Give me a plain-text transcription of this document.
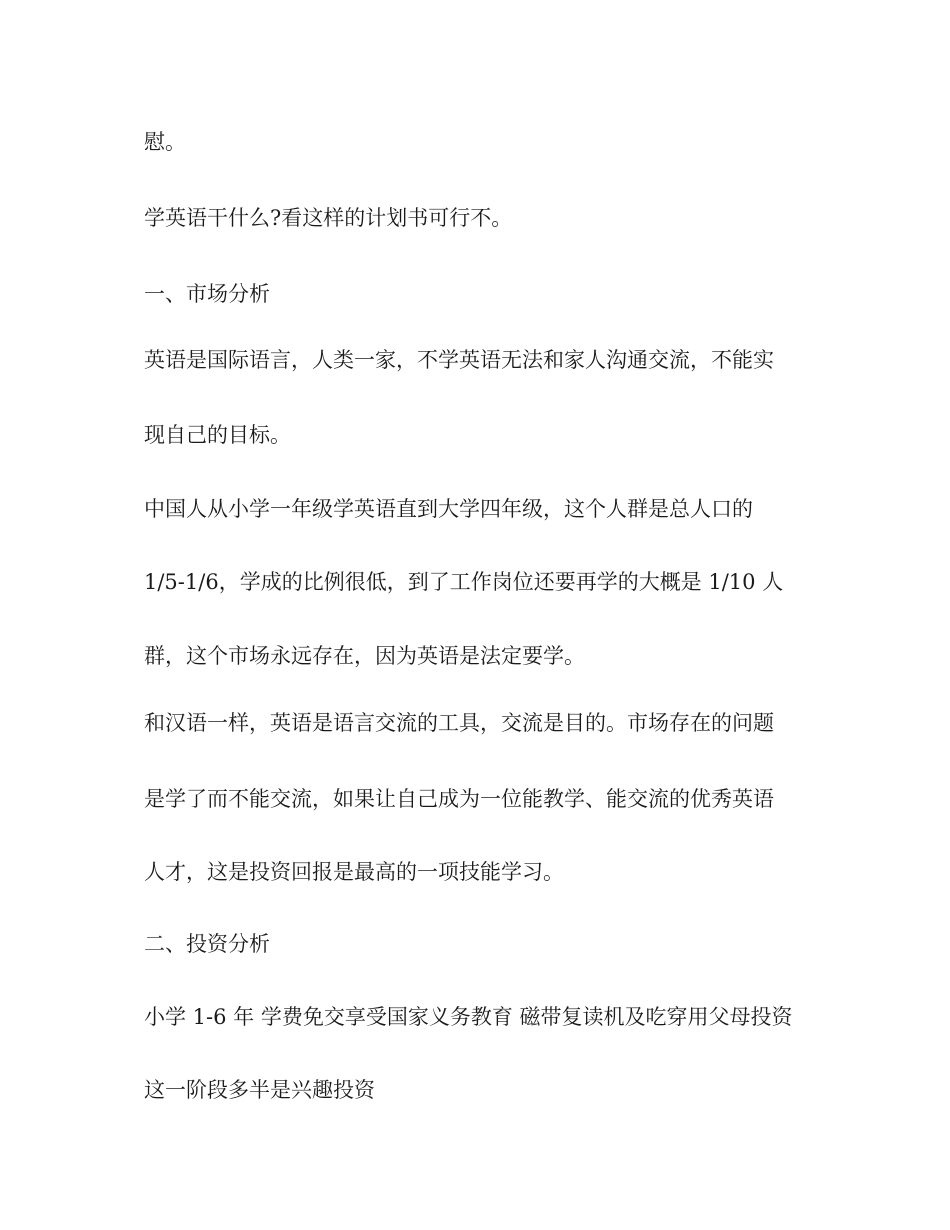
慰。

学英语干什么?看这样的计划书可行不。

一、市场分析

英语是国际语言，人类一家，不学英语无法和家人沟通交流，不能实

现自己的目标。

中国人从小学一年级学英语直到大学四年级，这个人群是总人口的

1/5-1/6，学成的比例很低，到了工作岗位还要再学的大概是 1/10 人

群，这个市场永远存在，因为英语是法定要学。

和汉语一样，英语是语言交流的工具，交流是目的。市场存在的问题

是学了而不能交流，如果让自己成为一位能教学、能交流的优秀英语

人才，这是投资回报是最高的一项技能学习。

二、投资分析

小学 1-6 年 学费免交享受国家义务教育 磁带复读机及吃穿用父母投资

这一阶段多半是兴趣投资
